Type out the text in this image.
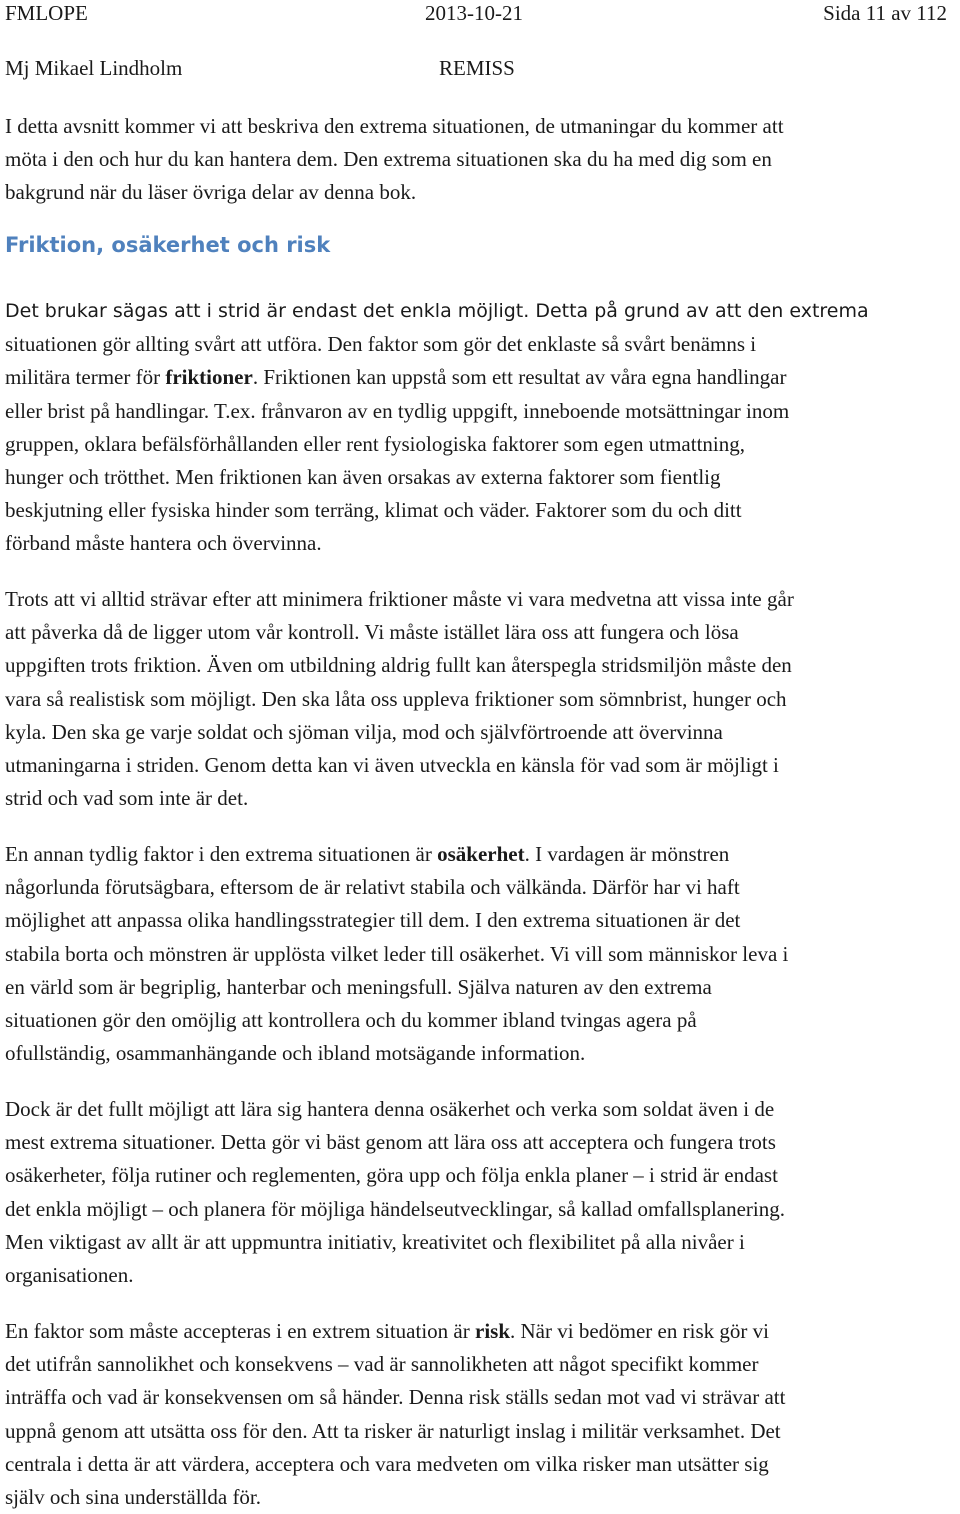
FMLOPE	2013-10-21	Sida 11 av 112
Mj Mikael Lindholm	REMISS

I detta avsnitt kommer vi att beskriva den extrema situationen, de utmaningar du kommer att
möta i den och hur du kan hantera dem. Den extrema situationen ska du ha med dig som en
bakgrund när du läser övriga delar av denna bok.

Friktion, osäkerhet och risk

Det brukar sägas att i strid är endast det enkla möjligt. Detta på grund av att den extrema
situationen gör allting svårt att utföra. Den faktor som gör det enklaste så svårt benämns i
militära termer för friktioner. Friktionen kan uppstå som ett resultat av våra egna handlingar
eller brist på handlingar. T.ex. frånvaron av en tydlig uppgift, inneboende motsättningar inom
gruppen, oklara befälsförhållanden eller rent fysiologiska faktorer som egen utmattning,
hunger och trötthet. Men friktionen kan även orsakas av externa faktorer som fientlig
beskjutning eller fysiska hinder som terräng, klimat och väder. Faktorer som du och ditt
förband måste hantera och övervinna.

Trots att vi alltid strävar efter att minimera friktioner måste vi vara medvetna att vissa inte går
att påverka då de ligger utom vår kontroll. Vi måste istället lära oss att fungera och lösa
uppgiften trots friktion. Även om utbildning aldrig fullt kan återspegla stridsmiljön måste den
vara så realistisk som möjligt. Den ska låta oss uppleva friktioner som sömnbrist, hunger och
kyla. Den ska ge varje soldat och sjöman vilja, mod och självförtroende att övervinna
utmaningarna i striden. Genom detta kan vi även utveckla en känsla för vad som är möjligt i
strid och vad som inte är det.

En annan tydlig faktor i den extrema situationen är osäkerhet. I vardagen är mönstren
någorlunda förutsägbara, eftersom de är relativt stabila och välkända. Därför har vi haft
möjlighet att anpassa olika handlingsstrategier till dem. I den extrema situationen är det
stabila borta och mönstren är upplösta vilket leder till osäkerhet. Vi vill som människor leva i
en värld som är begriplig, hanterbar och meningsfull. Själva naturen av den extrema
situationen gör den omöjlig att kontrollera och du kommer ibland tvingas agera på
ofullständig, osammanhängande och ibland motsägande information.

Dock är det fullt möjligt att lära sig hantera denna osäkerhet och verka som soldat även i de
mest extrema situationer. Detta gör vi bäst genom att lära oss att acceptera och fungera trots
osäkerheter, följa rutiner och reglementen, göra upp och följa enkla planer – i strid är endast
det enkla möjligt – och planera för möjliga händelseutvecklingar, så kallad omfallsplanering.
Men viktigast av allt är att uppmuntra initiativ, kreativitet och flexibilitet på alla nivåer i
organisationen.

En faktor som måste accepteras i en extrem situation är risk. När vi bedömer en risk gör vi
det utifrån sannolikhet och konsekvens – vad är sannolikheten att något specifikt kommer
inträffa och vad är konsekvensen om så händer. Denna risk ställs sedan mot vad vi strävar att
uppnå genom att utsätta oss för den. Att ta risker är naturligt inslag i militär verksamhet. Det
centrala i detta är att värdera, acceptera och vara medveten om vilka risker man utsätter sig
själv och sina underställda för.
